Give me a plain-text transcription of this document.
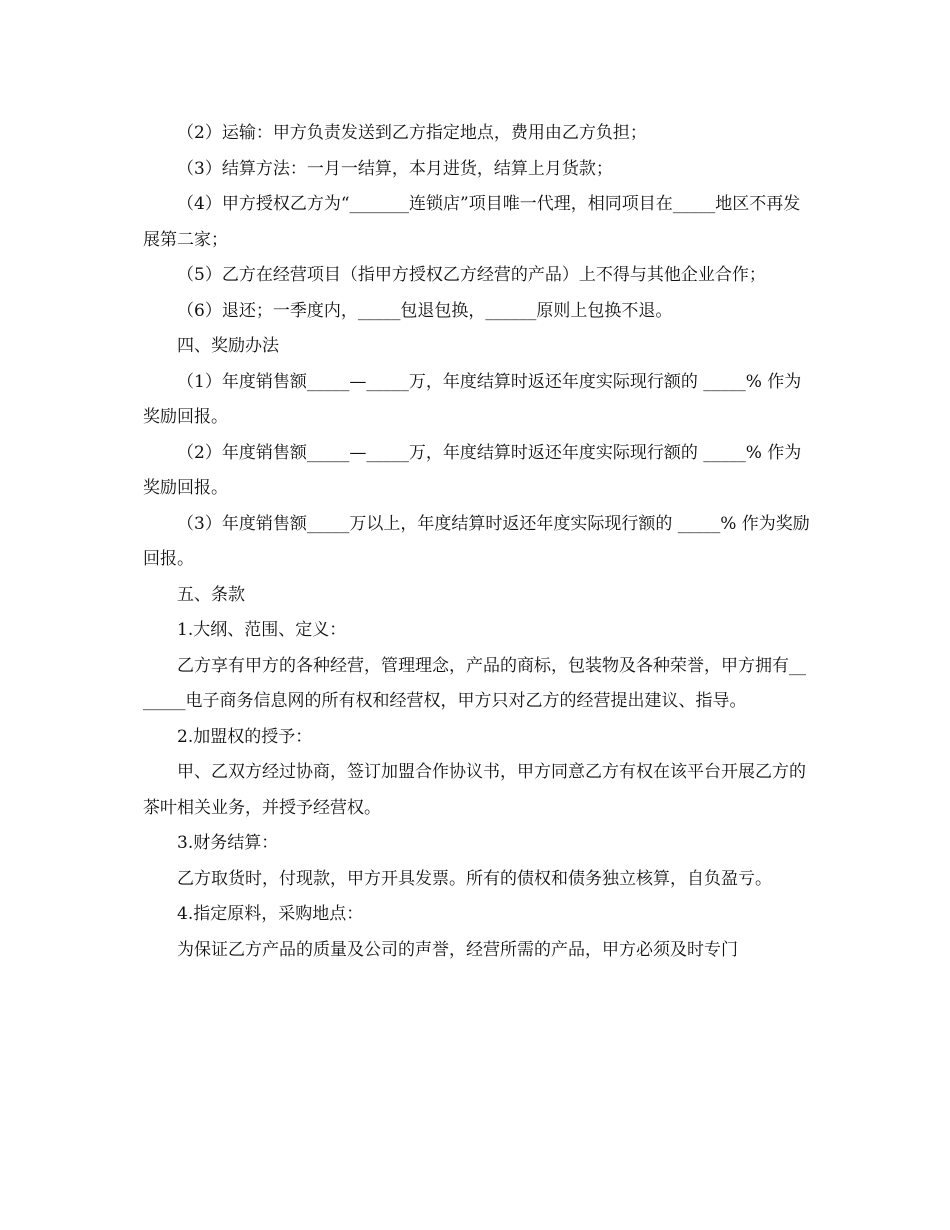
（2）运输：甲方负责发送到乙方指定地点，费用由乙方负担；

（3）结算方法：一月一结算，本月进货，结算上月货款；

（4）甲方授权乙方为“_______连锁店”项目唯一代理，相同项目在_____地区不再发展第二家；

（5）乙方在经营项目（指甲方授权乙方经营的产品）上不得与其他企业合作；

（6）退还；一季度内，_____包退包换，______原则上包换不退。

四、奖励办法

（1）年度销售额_____—_____万，年度结算时返还年度实际现行额的 _____% 作为奖励回报。

（2）年度销售额_____—_____万，年度结算时返还年度实际现行额的 _____% 作为奖励回报。

（3）年度销售额_____万以上，年度结算时返还年度实际现行额的 _____% 作为奖励回报。

五、条款

1.大纲、范围、定义：

乙方享有甲方的各种经营，管理理念，产品的商标，包装物及各种荣誉，甲方拥有_______电子商务信息网的所有权和经营权，甲方只对乙方的经营提出建议、指导。

2.加盟权的授予：

甲、乙双方经过协商，签订加盟合作协议书，甲方同意乙方有权在该平台开展乙方的茶叶相关业务，并授予经营权。

3.财务结算：

乙方取货时，付现款，甲方开具发票。所有的债权和债务独立核算，自负盈亏。

4.指定原料，采购地点：

为保证乙方产品的质量及公司的声誉，经营所需的产品，甲方必须及时专门
